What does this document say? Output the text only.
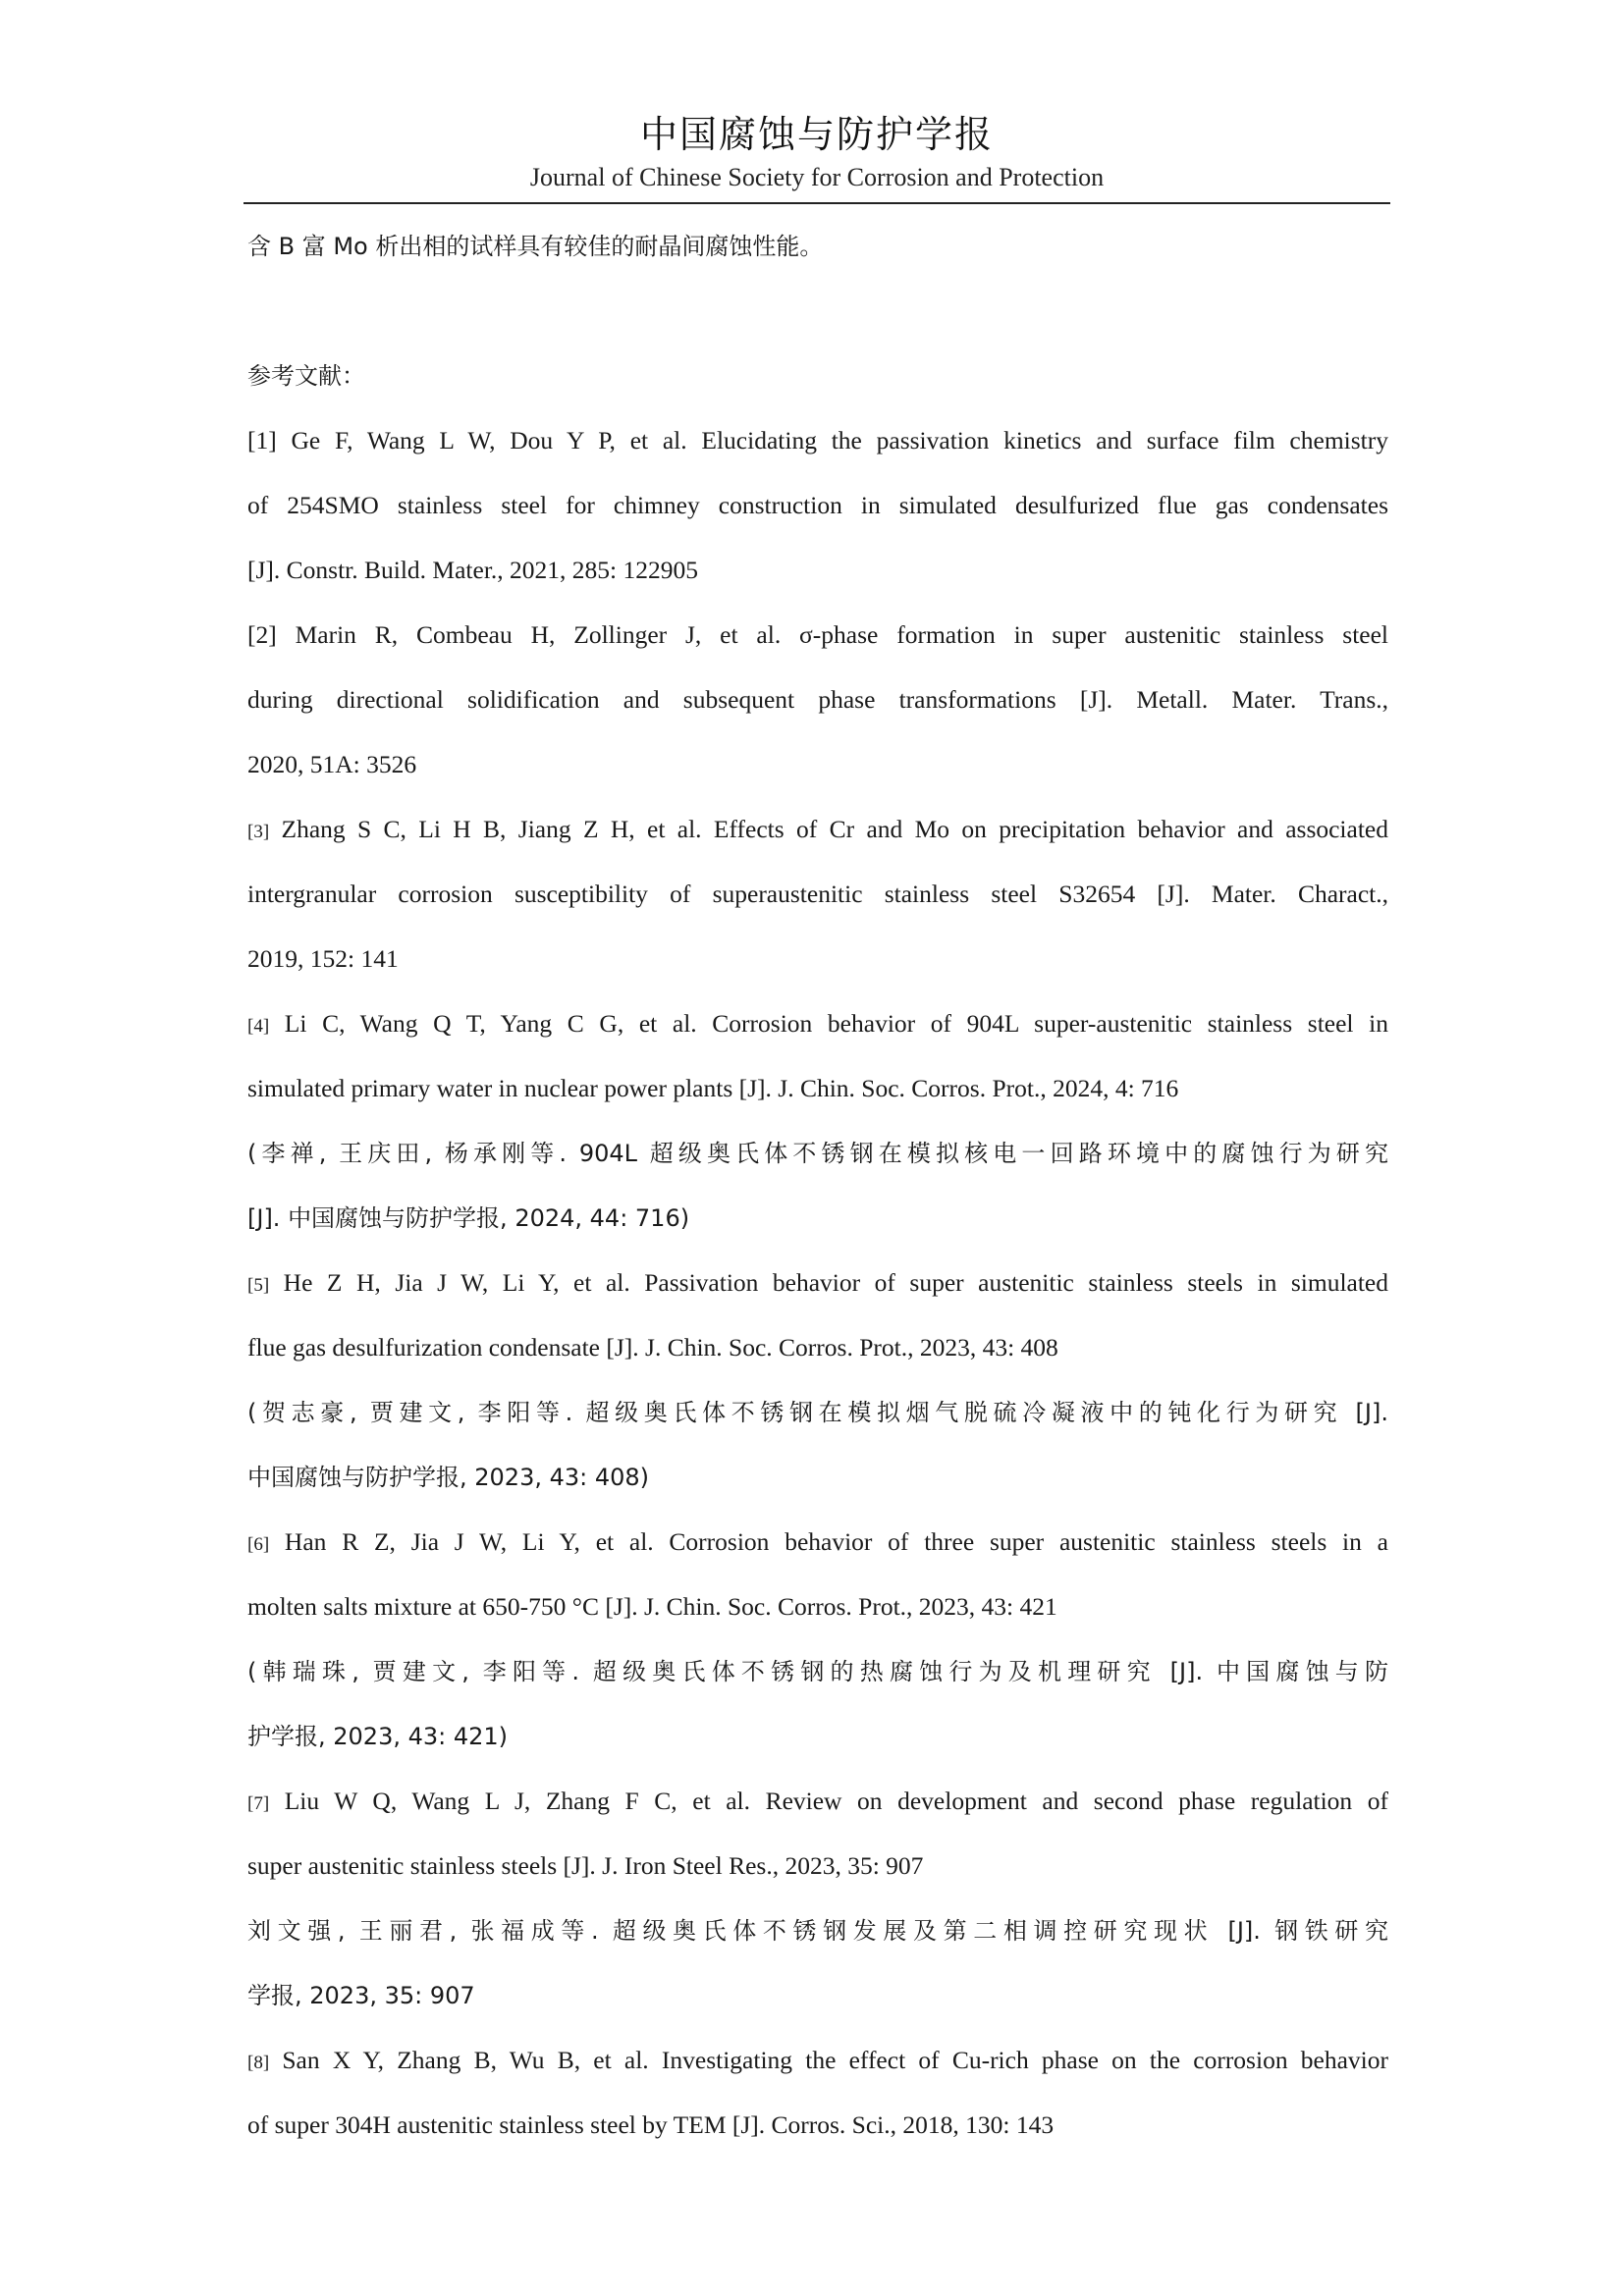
中国腐蚀与防护学报
Journal of Chinese Society for Corrosion and Protection
含 B 富 Mo 析出相的试样具有较佳的耐晶间腐蚀性能。
参考文献：
[1] Ge F, Wang L W, Dou Y P, et al. Elucidating the passivation kinetics and surface film chemistry
of 254SMO stainless steel for chimney construction in simulated desulfurized flue gas condensates
[J]. Constr. Build. Mater., 2021, 285: 122905
[2] Marin R, Combeau H, Zollinger J, et al. σ-phase formation in super austenitic stainless steel
during directional solidification and subsequent phase transformations [J]. Metall. Mater. Trans.,
2020, 51A: 3526
[3] Zhang S C, Li H B, Jiang Z H, et al. Effects of Cr and Mo on precipitation behavior and associated
intergranular corrosion susceptibility of superaustenitic stainless steel S32654 [J]. Mater. Charact.,
2019, 152: 141
[4] Li C, Wang Q T, Yang C G, et al. Corrosion behavior of 904L super-austenitic stainless steel in
simulated primary water in nuclear power plants [J]. J. Chin. Soc. Corros. Prot., 2024, 4: 716
(李禅, 王庆田, 杨承刚等. 904L 超级奥氏体不锈钢在模拟核电一回路环境中的腐蚀行为研究
[J]. 中国腐蚀与防护学报, 2024, 44: 716)
[5] He Z H, Jia J W, Li Y, et al. Passivation behavior of super austenitic stainless steels in simulated
flue gas desulfurization condensate [J]. J. Chin. Soc. Corros. Prot., 2023, 43: 408
(贺志豪, 贾建文, 李阳等. 超级奥氏体不锈钢在模拟烟气脱硫冷凝液中的钝化行为研究 [J].
中国腐蚀与防护学报, 2023, 43: 408)
[6] Han R Z, Jia J W, Li Y, et al. Corrosion behavior of three super austenitic stainless steels in a
molten salts mixture at 650-750 °C [J]. J. Chin. Soc. Corros. Prot., 2023, 43: 421
(韩瑞珠, 贾建文, 李阳等. 超级奥氏体不锈钢的热腐蚀行为及机理研究 [J]. 中国腐蚀与防
护学报, 2023, 43: 421)
[7] Liu W Q, Wang L J, Zhang F C, et al. Review on development and second phase regulation of
super austenitic stainless steels [J]. J. Iron Steel Res., 2023, 35: 907
刘文强, 王丽君, 张福成等. 超级奥氏体不锈钢发展及第二相调控研究现状 [J]. 钢铁研究
学报, 2023, 35: 907
[8] San X Y, Zhang B, Wu B, et al. Investigating the effect of Cu-rich phase on the corrosion behavior
of super 304H austenitic stainless steel by TEM [J]. Corros. Sci., 2018, 130: 143
